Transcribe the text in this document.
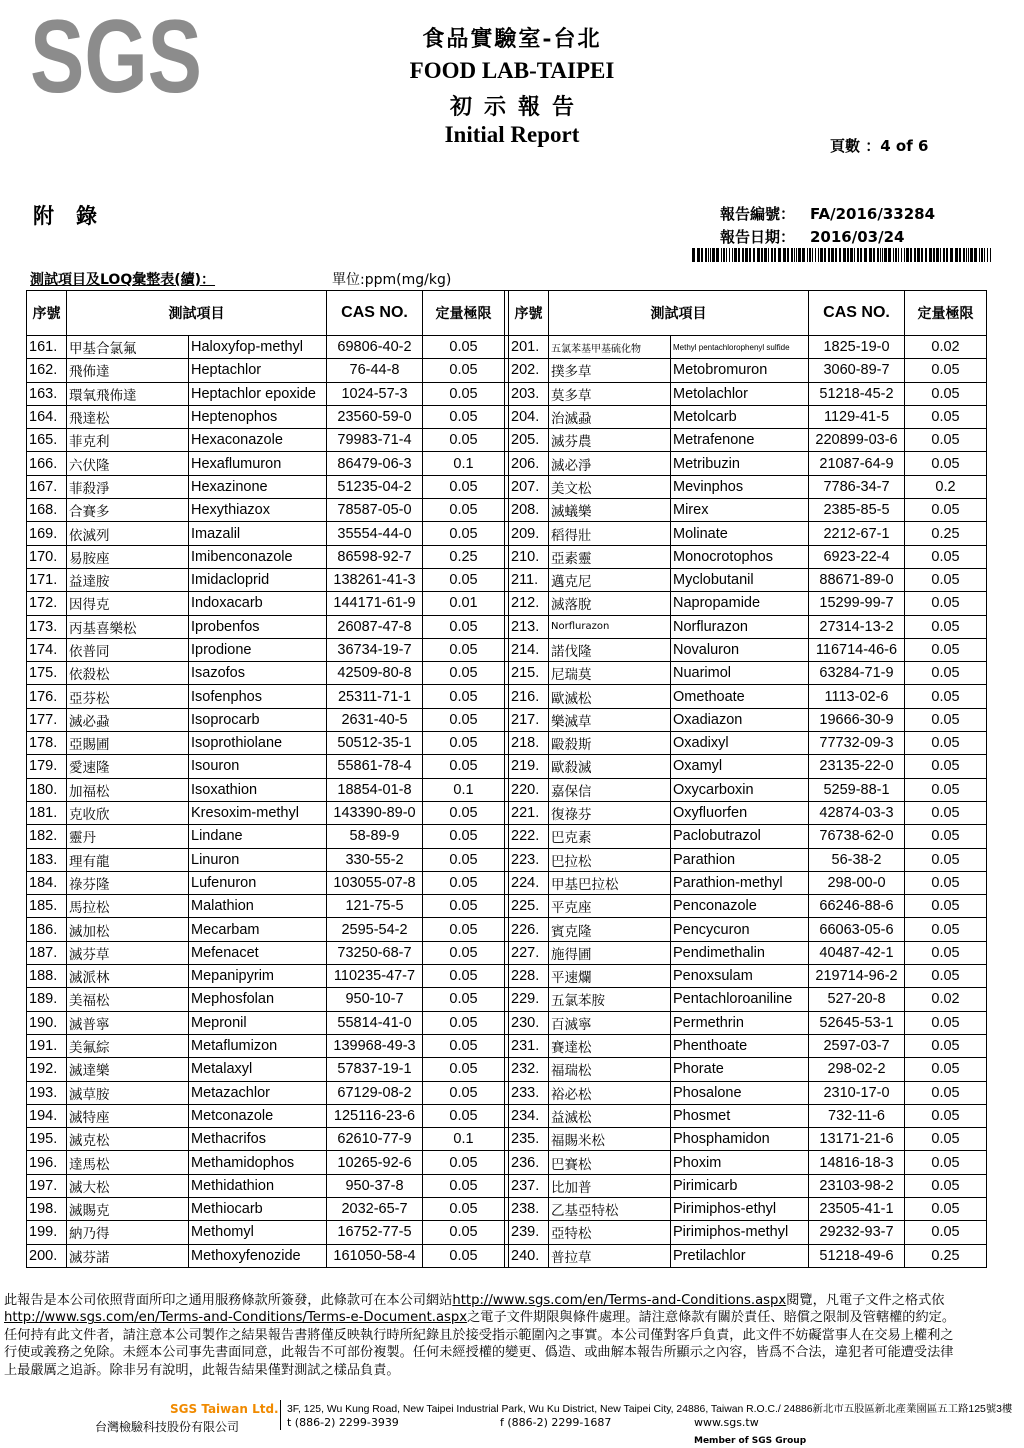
SGS	食品實驗室-台北
FOOD LAB-TAIPEI
初示報告
Initial Report	頁數 ：4 of 6
附錄	報告編號： FA/2016/33284
報告日期： 2016/03/24
測試項目及LOQ彙整表(續)：	單位:ppm(mg/kg)
序號	測試項目		CAS NO.	定量極限		序號	測試項目		CAS NO.	定量極限
161.	甲基合氯氟	Haloxyfop-methyl	69806-40-2	0.05		201.	五氯苯基甲基硫化物	Methyl pentachlorophenyl sulfide	1825-19-0	0.02
162.	飛佈達	Heptachlor	76-44-8	0.05		202.	撲多草	Metobromuron	3060-89-7	0.05
163.	環氧飛佈達	Heptachlor epoxide	1024-57-3	0.05		203.	莫多草	Metolachlor	51218-45-2	0.05
164.	飛達松	Heptenophos	23560-59-0	0.05		204.	治滅蝨	Metolcarb	1129-41-5	0.05
165.	菲克利	Hexaconazole	79983-71-4	0.05		205.	滅芬農	Metrafenone	220899-03-6	0.05
166.	六伏隆	Hexaflumuron	86479-06-3	0.1		206.	滅必淨	Metribuzin	21087-64-9	0.05
167.	菲殺淨	Hexazinone	51235-04-2	0.05		207.	美文松	Mevinphos	7786-34-7	0.2
168.	合賽多	Hexythiazox	78587-05-0	0.05		208.	滅蟻樂	Mirex	2385-85-5	0.05
169.	依滅列	Imazalil	35554-44-0	0.05		209.	稻得壯	Molinate	2212-67-1	0.25
170.	易胺座	Imibenconazole	86598-92-7	0.25		210.	亞素靈	Monocrotophos	6923-22-4	0.05
171.	益達胺	Imidacloprid	138261-41-3	0.05		211.	邁克尼	Myclobutanil	88671-89-0	0.05
172.	因得克	Indoxacarb	144171-61-9	0.01		212.	滅落脫	Napropamide	15299-99-7	0.05
173.	丙基喜樂松	Iprobenfos	26087-47-8	0.05		213.	Norflurazon	Norflurazon	27314-13-2	0.05
174.	依普同	Iprodione	36734-19-7	0.05		214.	諾伐隆	Novaluron	116714-46-6	0.05
175.	依殺松	Isazofos	42509-80-8	0.05		215.	尼瑞莫	Nuarimol	63284-71-9	0.05
176.	亞芬松	Isofenphos	25311-71-1	0.05		216.	歐滅松	Omethoate	1113-02-6	0.05
177.	滅必蝨	Isoprocarb	2631-40-5	0.05		217.	樂滅草	Oxadiazon	19666-30-9	0.05
178.	亞賜圃	Isoprothiolane	50512-35-1	0.05		218.	毆殺斯	Oxadixyl	77732-09-3	0.05
179.	愛速隆	Isouron	55861-78-4	0.05		219.	歐殺滅	Oxamyl	23135-22-0	0.05
180.	加福松	Isoxathion	18854-01-8	0.1		220.	嘉保信	Oxycarboxin	5259-88-1	0.05
181.	克收欣	Kresoxim-methyl	143390-89-0	0.05		221.	復祿芬	Oxyfluorfen	42874-03-3	0.05
182.	靈丹	Lindane	58-89-9	0.05		222.	巴克素	Paclobutrazol	76738-62-0	0.05
183.	理有龍	Linuron	330-55-2	0.05		223.	巴拉松	Parathion	56-38-2	0.05
184.	祿芬隆	Lufenuron	103055-07-8	0.05		224.	甲基巴拉松	Parathion-methyl	298-00-0	0.05
185.	馬拉松	Malathion	121-75-5	0.05		225.	平克座	Penconazole	66246-88-6	0.05
186.	滅加松	Mecarbam	2595-54-2	0.05		226.	賓克隆	Pencycuron	66063-05-6	0.05
187.	滅芬草	Mefenacet	73250-68-7	0.05		227.	施得圃	Pendimethalin	40487-42-1	0.05
188.	滅派林	Mepanipyrim	110235-47-7	0.05		228.	平速爛	Penoxsulam	219714-96-2	0.05
189.	美福松	Mephosfolan	950-10-7	0.05		229.	五氯苯胺	Pentachloroaniline	527-20-8	0.02
190.	滅普寧	Mepronil	55814-41-0	0.05		230.	百滅寧	Permethrin	52645-53-1	0.05
191.	美氟綜	Metaflumizon	139968-49-3	0.05		231.	賽達松	Phenthoate	2597-03-7	0.05
192.	滅達樂	Metalaxyl	57837-19-1	0.05		232.	福瑞松	Phorate	298-02-2	0.05
193.	滅草胺	Metazachlor	67129-08-2	0.05		233.	裕必松	Phosalone	2310-17-0	0.05
194.	滅特座	Metconazole	125116-23-6	0.05		234.	益滅松	Phosmet	732-11-6	0.05
195.	滅克松	Methacrifos	62610-77-9	0.1		235.	福賜米松	Phosphamidon	13171-21-6	0.05
196.	達馬松	Methamidophos	10265-92-6	0.05		236.	巴賽松	Phoxim	14816-18-3	0.05
197.	滅大松	Methidathion	950-37-8	0.05		237.	比加普	Pirimicarb	23103-98-2	0.05
198.	滅賜克	Methiocarb	2032-65-7	0.05		238.	乙基亞特松	Pirimiphos-ethyl	23505-41-1	0.05
199.	納乃得	Methomyl	16752-77-5	0.05		239.	亞特松	Pirimiphos-methyl	29232-93-7	0.05
200.	滅芬諾	Methoxyfenozide	161050-58-4	0.05		240.	普拉草	Pretilachlor	51218-49-6	0.25
此報告是本公司依照背面所印之通用服務條款所簽發，此條款可在本公司網站http://www.sgs.com/en/Terms-and-Conditions.aspx閱覽，凡電子文件之格式依http://www.sgs.com/en/Terms-and-Conditions/Terms-e-Document.aspx之電子文件期限與條件處理。請注意條款有關於責任、賠償之限制及管轄權的約定。任何持有此文件者，請注意本公司製作之結果報告書將僅反映執行時所紀錄且於接受指示範圍內之事實。本公司僅對客戶負責，此文件不妨礙當事人在交易上權利之行使或義務之免除。未經本公司事先書面同意，此報告不可部份複製。任何未經授權的變更、僞造、或曲解本報告所顯示之內容，皆爲不合法，違犯者可能遭受法律上最嚴厲之追訴。除非另有說明，此報告結果僅對測試之樣品負責。
SGS Taiwan Ltd.
台灣檢驗科技股份有限公司
3F, 125, Wu Kung Road, New Taipei Industrial Park, Wu Ku District, New Taipei City, 24886, Taiwan R.O.C./ 24886新北市五股區新北產業園區五工路125號3樓
t (886-2) 2299-3939	f (886-2) 2299-1687	www.sgs.tw
Member of SGS Group
